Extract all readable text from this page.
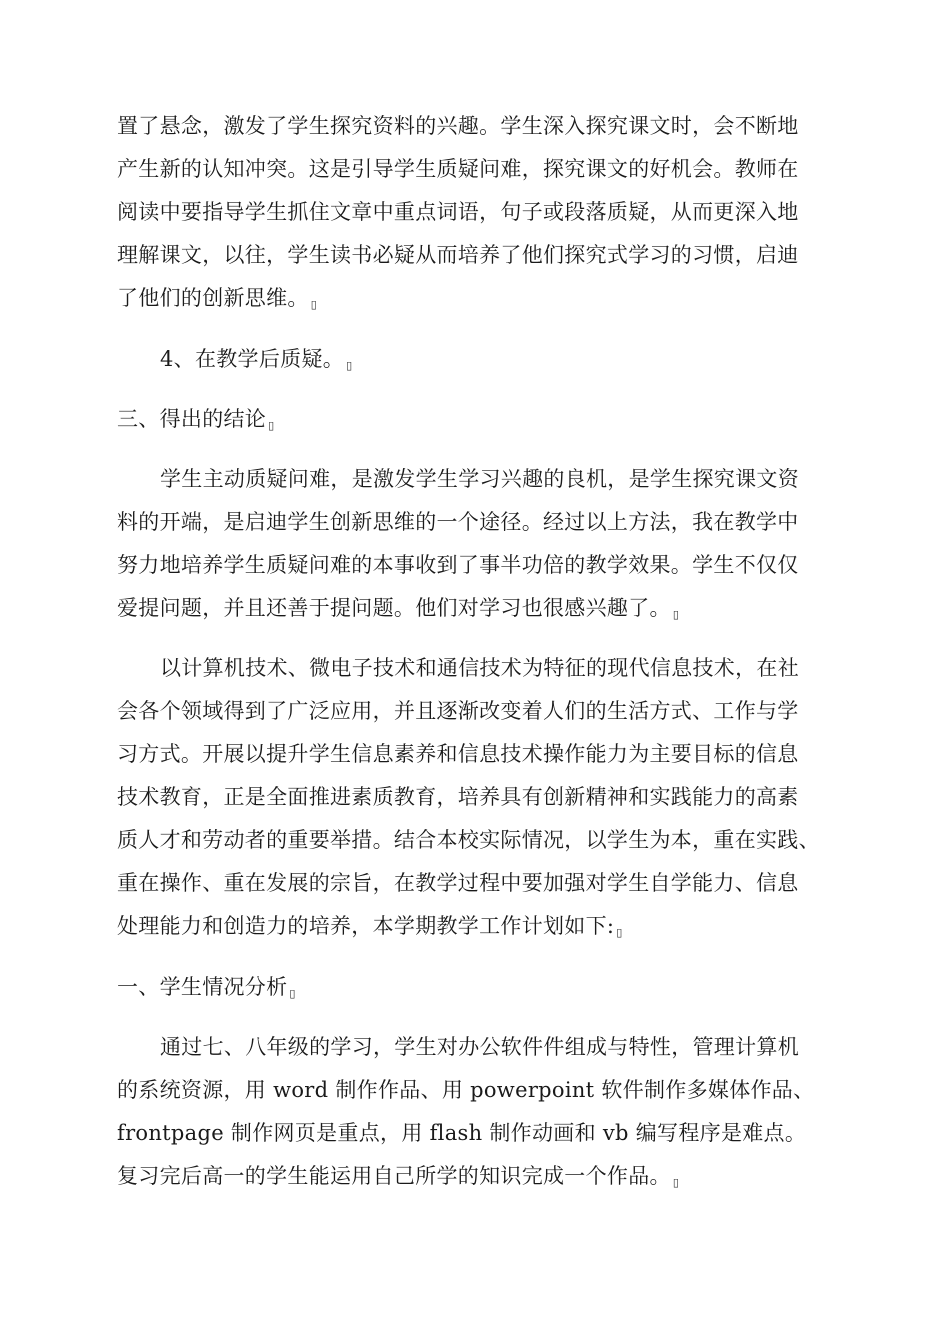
置了悬念，激发了学生探究资料的兴趣。学生深入探究课文时，会不断地
产生新的认知冲突。这是引导学生质疑问难，探究课文的好机会。教师在
阅读中要指导学生抓住文章中重点词语，句子或段落质疑，从而更深入地
理解课文，以往，学生读书必疑从而培养了他们探究式学习的习惯，启迪
了他们的创新思维。 ▯
4、在教学后质疑。 ▯
三、得出的结论 ▯
学生主动质疑问难，是激发学生学习兴趣的良机，是学生探究课文资
料的开端，是启迪学生创新思维的一个途径。经过以上方法，我在教学中
努力地培养学生质疑问难的本事收到了事半功倍的教学效果。学生不仅仅
爱提问题，并且还善于提问题。他们对学习也很感兴趣了。 ▯
以计算机技术、微电子技术和通信技术为特征的现代信息技术，在社
会各个领域得到了广泛应用，并且逐渐改变着人们的生活方式、工作与学
习方式。开展以提升学生信息素养和信息技术操作能力为主要目标的信息
技术教育，正是全面推进素质教育，培养具有创新精神和实践能力的高素
质人才和劳动者的重要举措。结合本校实际情况，以学生为本，重在实践、
重在操作、重在发展的宗旨，在教学过程中要加强对学生自学能力、信息
处理能力和创造力的培养，本学期教学工作计划如下: ▯
一、学生情况分析 ▯
通过七、八年级的学习，学生对办公软件件组成与特性，管理计算机
的系统资源，用 word 制作作品、用 powerpoint 软件制作多媒体作品、
frontpage 制作网页是重点，用 flash 制作动画和 vb 编写程序是难点。
复习完后高一的学生能运用自己所学的知识完成一个作品。 ▯
